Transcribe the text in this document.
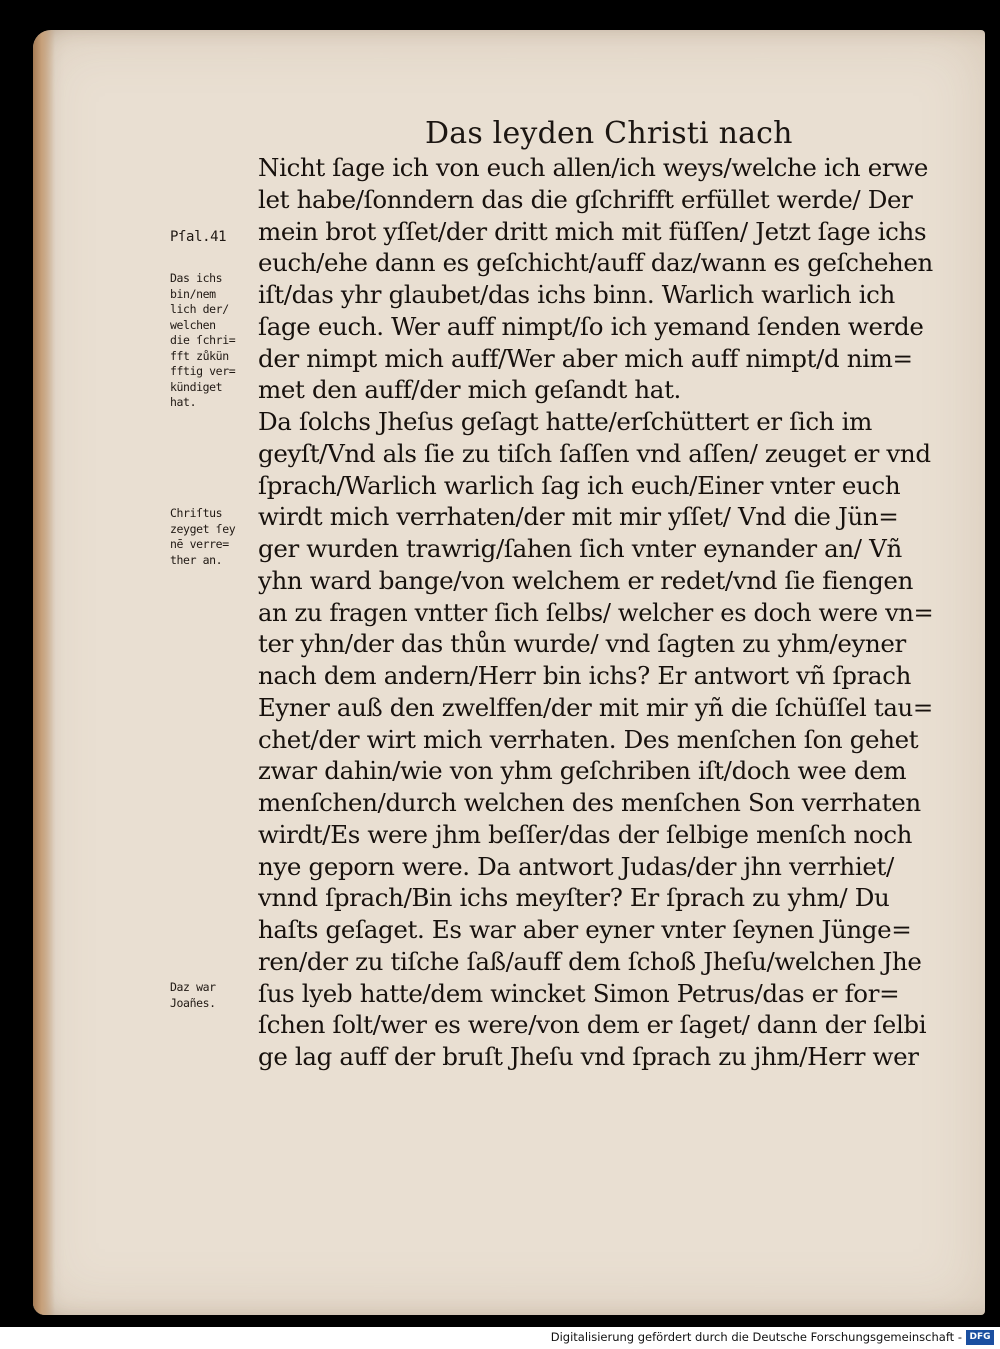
Das leyden Christi nach
Pſal.41
Das ichs
bin/nem
lich der/
welchen
die ſchri=
fft zůkün
fftig ver=
kündiget
hat.
Chriſtus
zeyget ſey
nē verre=
ther an.
Daz war
Joañes.
Nicht ſage ich von euch allen/ich weys/welche ich erwe
let habe/ſonndern das die gſchrifft erfüllet werde/ Der
mein brot yſſet/der dritt mich mit füſſen/ Jetzt ſage ichs
euch/ehe dann es geſchicht/auff daz/wann es geſchehen
iſt/das yhr glaubet/das ichs binn. Warlich warlich ich
ſage euch. Wer auff nimpt/ſo ich yemand ſenden werde
der nimpt mich auff/Wer aber mich auff nimpt/d nim=
met den auff/der mich geſandt hat.
Da ſolchs Jheſus geſagt hatte/erſchüttert er ſich im
geyſt/Vnd als ſie zu tiſch ſaſſen vnd aſſen/ zeuget er vnd
ſprach/Warlich warlich ſag ich euch/Einer vnter euch
wirdt mich verrhaten/der mit mir yſſet/ Vnd die Jün=
ger wurden trawrig/ſahen ſich vnter eynander an/ Vñ
yhn ward bange/von welchem er redet/vnd ſie fiengen
an zu fragen vntter ſich ſelbs/ welcher es doch were vn=
ter yhn/der das thůn wurde/ vnd ſagten zu yhm/eyner
nach dem andern/Herr bin ichs? Er antwort vñ ſprach
Eyner auß den zwelffen/der mit mir yñ die ſchüſſel tau=
chet/der wirt mich verrhaten. Des menſchen ſon gehet
zwar dahin/wie von yhm geſchriben iſt/doch wee dem
menſchen/durch welchen des menſchen Son verrhaten
wirdt/Es were jhm beſſer/das der ſelbige menſch noch
nye geporn were. Da antwort Judas/der jhn verrhiet/
vnnd ſprach/Bin ichs meyſter? Er ſprach zu yhm/ Du
haſts geſaget. Es war aber eyner vnter ſeynen Jünge=
ren/der zu tiſche ſaß/auff dem ſchoß Jheſu/welchen Jhe
ſus lyeb hatte/dem wincket Simon Petrus/das er for=
ſchen ſolt/wer es were/von dem er ſaget/ dann der ſelbi
ge lag auff der bruſt Jheſu vnd ſprach zu jhm/Herr wer
Digitalisierung gefördert durch die Deutsche Forschungsgemeinschaft - DFG
